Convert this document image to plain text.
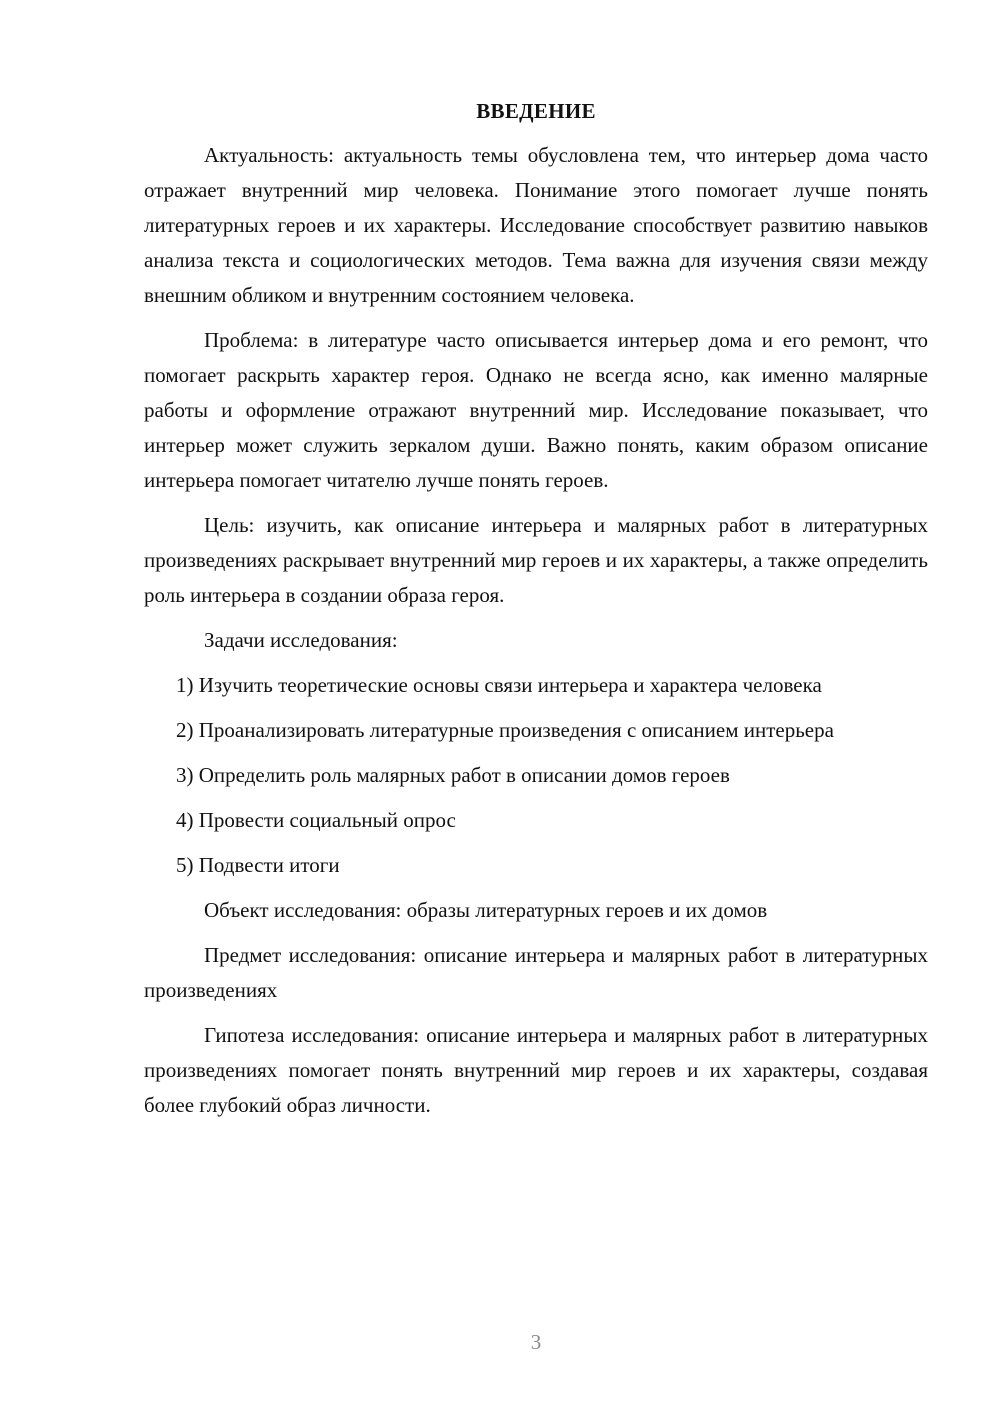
ВВЕДЕНИЕ

Актуальность: актуальность темы обусловлена тем, что интерьер дома часто отражает внутренний мир человека. Понимание этого помогает лучше понять литературных героев и их характеры. Исследование способствует развитию навыков анализа текста и социологических методов. Тема важна для изучения связи между внешним обликом и внутренним состоянием человека.

Проблема: в литературе часто описывается интерьер дома и его ремонт, что помогает раскрыть характер героя. Однако не всегда ясно, как именно малярные работы и оформление отражают внутренний мир. Исследование показывает, что интерьер может служить зеркалом души. Важно понять, каким образом описание интерьера помогает читателю лучше понять героев.

Цель: изучить, как описание интерьера и малярных работ в литературных произведениях раскрывает внутренний мир героев и их характеры, а также определить роль интерьера в создании образа героя.

Задачи исследования:

1) Изучить теоретические основы связи интерьера и характера человека

2) Проанализировать литературные произведения с описанием интерьера

3) Определить роль малярных работ в описании домов героев

4) Провести социальный опрос

5) Подвести итоги

Объект исследования: образы литературных героев и их домов

Предмет исследования: описание интерьера и малярных работ в литературных произведениях

Гипотеза исследования: описание интерьера и малярных работ в литературных произведениях помогает понять внутренний мир героев и их характеры, создавая более глубокий образ личности.

3
